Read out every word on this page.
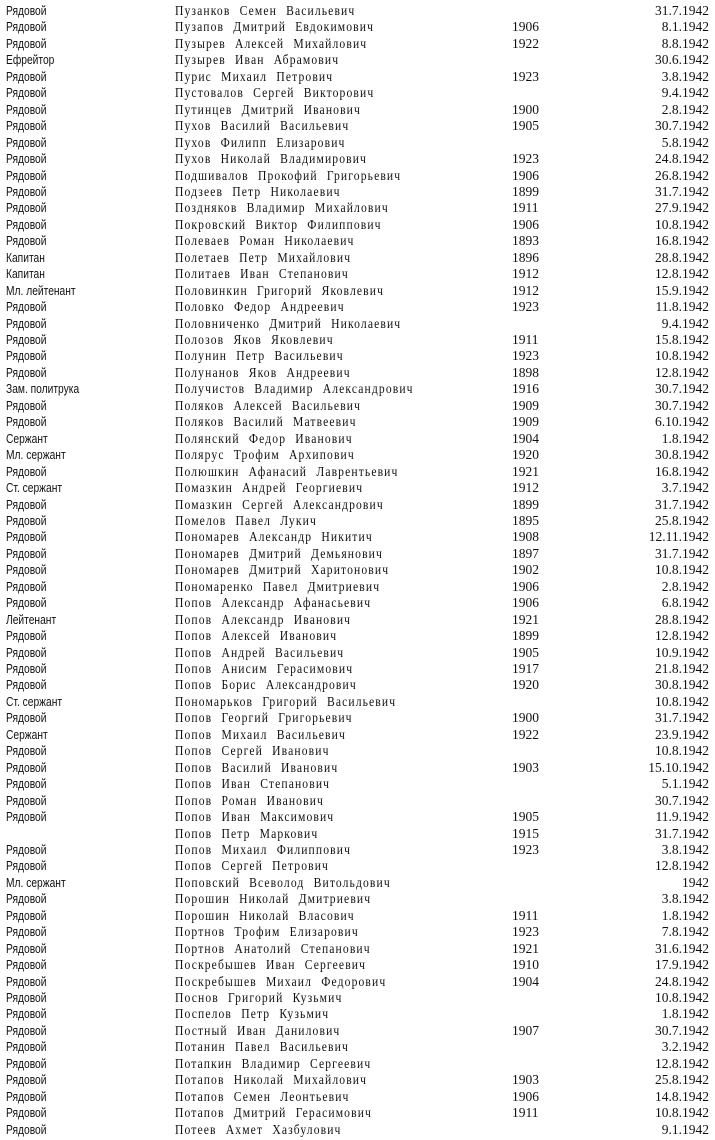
Рядовой	Пузанков Семен Васильевич	31.7.1942
Рядовой	Пузапов Дмитрий Евдокимович	1906	8.1.1942
Рядовой	Пузырев Алексей Михайлович	1922	8.8.1942
Ефрейтор	Пузырев Иван Абрамович	30.6.1942
Рядовой	Пурис Михаил Петрович	1923	3.8.1942
Рядовой	Пустовалов Сергей Викторович	9.4.1942
Рядовой	Путинцев Дмитрий Иванович	1900	2.8.1942
Рядовой	Пухов Василий Васильевич	1905	30.7.1942
Рядовой	Пухов Филипп Елизарович	5.8.1942
Рядовой	Пухов Николай Владимирович	1923	24.8.1942
Рядовой	Подшивалов Прокофий Григорьевич	1906	26.8.1942
Рядовой	Подзеев Петр Николаевич	1899	31.7.1942
Рядовой	Поздняков Владимир Михайлович	1911	27.9.1942
Рядовой	Покровский Виктор Филиппович	1906	10.8.1942
Рядовой	Полеваев Роман Николаевич	1893	16.8.1942
Капитан	Полетаев Петр Михайлович	1896	28.8.1942
Капитан	Политаев Иван Степанович	1912	12.8.1942
Мл. лейтенант	Половинкин Григорий Яковлевич	1912	15.9.1942
Рядовой	Половко Федор Андреевич	1923	11.8.1942
Рядовой	Половниченко Дмитрий Николаевич	9.4.1942
Рядовой	Полозов Яков Яковлевич	1911	15.8.1942
Рядовой	Полунин Петр Васильевич	1923	10.8.1942
Рядовой	Полунанов Яков Андреевич	1898	12.8.1942
Зам. политрука	Получистов Владимир Александрович	1916	30.7.1942
Рядовой	Поляков Алексей Васильевич	1909	30.7.1942
Рядовой	Поляков Василий Матвеевич	1909	6.10.1942
Сержант	Полянский Федор Иванович	1904	1.8.1942
Мл. сержант	Полярус Трофим Архипович	1920	30.8.1942
Рядовой	Полюшкин Афанасий Лаврентьевич	1921	16.8.1942
Ст. сержант	Помазкин Андрей Георгиевич	1912	3.7.1942
Рядовой	Помазкин Сергей Александрович	1899	31.7.1942
Рядовой	Помелов Павел Лукич	1895	25.8.1942
Рядовой	Пономарев Александр Никитич	1908	12.11.1942
Рядовой	Пономарев Дмитрий Демьянович	1897	31.7.1942
Рядовой	Пономарев Дмитрий Харитонович	1902	10.8.1942
Рядовой	Пономаренко Павел Дмитриевич	1906	2.8.1942
Рядовой	Попов Александр Афанасьевич	1906	6.8.1942
Лейтенант	Попов Александр Иванович	1921	28.8.1942
Рядовой	Попов Алексей Иванович	1899	12.8.1942
Рядовой	Попов Андрей Васильевич	1905	10.9.1942
Рядовой	Попов Анисим Герасимович	1917	21.8.1942
Рядовой	Попов Борис Александрович	1920	30.8.1942
Ст. сержант	Пономарьков Григорий Васильевич	10.8.1942
Рядовой	Попов Георгий Григорьевич	1900	31.7.1942
Сержант	Попов Михаил Васильевич	1922	23.9.1942
Рядовой	Попов Сергей Иванович	10.8.1942
Рядовой	Попов Василий Иванович	1903	15.10.1942
Рядовой	Попов Иван Степанович	5.1.1942
Рядовой	Попов Роман Иванович	30.7.1942
Рядовой	Попов Иван Максимович	1905	11.9.1942
Попов Петр Маркович	1915	31.7.1942
Рядовой	Попов Михаил Филиппович	1923	3.8.1942
Рядовой	Попов Сергей Петрович	12.8.1942
Мл. сержант	Поповский Всеволод Витольдович	1942
Рядовой	Порошин Николай Дмитриевич	3.8.1942
Рядовой	Порошин Николай Власович	1911	1.8.1942
Рядовой	Портнов Трофим Елизарович	1923	7.8.1942
Рядовой	Портнов Анатолий Степанович	1921	31.6.1942
Рядовой	Поскребышев Иван Сергеевич	1910	17.9.1942
Рядовой	Поскребышев Михаил Федорович	1904	24.8.1942
Рядовой	Поснов Григорий Кузьмич	10.8.1942
Рядовой	Поспелов Петр Кузьмич	1.8.1942
Рядовой	Постный Иван Данилович	1907	30.7.1942
Рядовой	Потанин Павел Васильевич	3.2.1942
Рядовой	Потапкин Владимир Сергеевич	12.8.1942
Рядовой	Потапов Николай Михайлович	1903	25.8.1942
Рядовой	Потапов Семен Леонтьевич	1906	14.8.1942
Рядовой	Потапов Дмитрий Герасимович	1911	10.8.1942
Рядовой	Потеев Ахмет Хазбулович	9.1.1942
